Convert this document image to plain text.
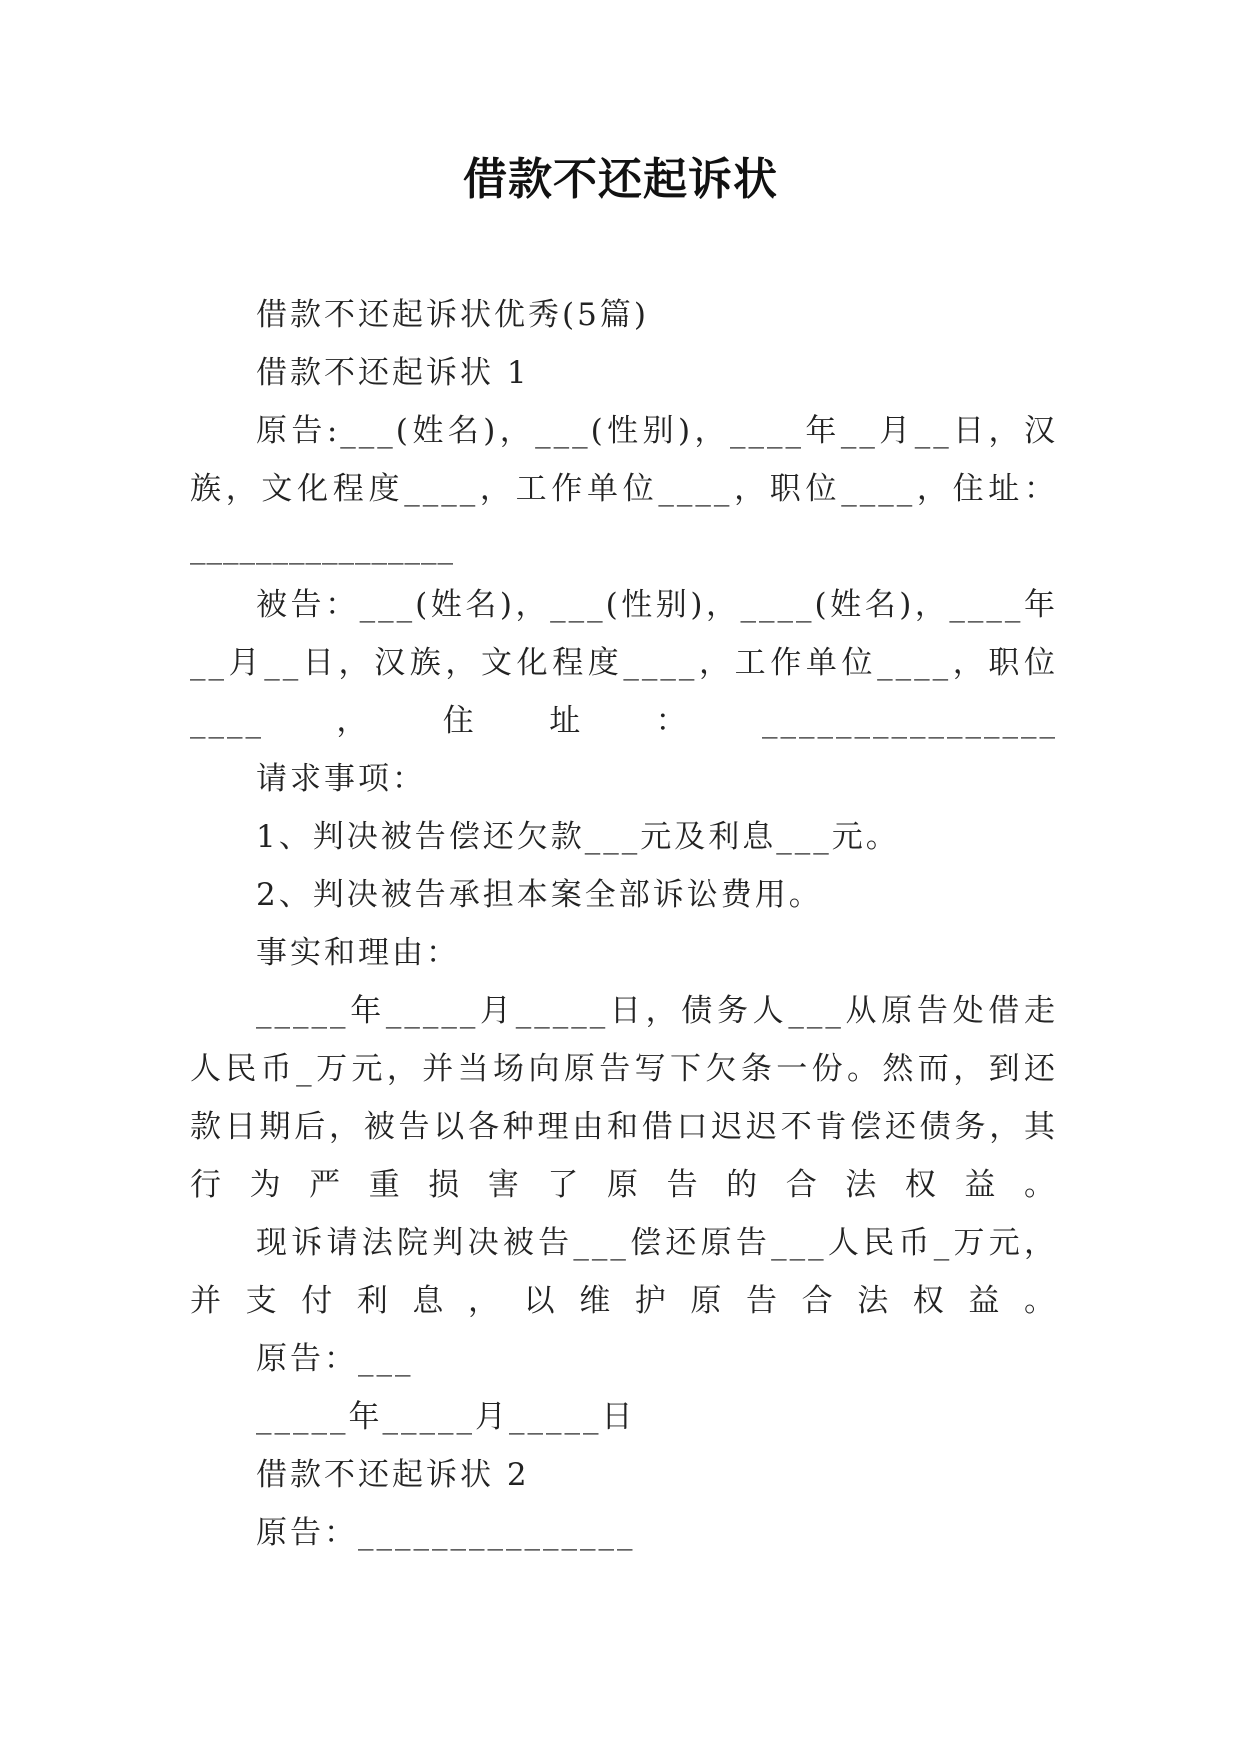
借款不还起诉状

借款不还起诉状优秀(5篇)

借款不还起诉状 1

原告:___(姓名)，___(性别)，____年__月__日，汉族，文化程度____，工作单位____，职位____，住址：

________________

被告：___(姓名)，___(性别)，____(姓名)，____年__月__日，汉族，文化程度____，工作单位____，职位____，住址：________________

请求事项：

1、判决被告偿还欠款___元及利息___元。

2、判决被告承担本案全部诉讼费用。

事实和理由：

_____年_____月_____日，债务人___从原告处借走人民币_万元，并当场向原告写下欠条一份。然而，到还款日期后，被告以各种理由和借口迟迟不肯偿还债务，其行为严重损害了原告的合法权益。

现诉请法院判决被告___偿还原告___人民币_万元，并支付利息，以维护原告合法权益。

原告：___

_____年_____月_____日

借款不还起诉状 2

原告：_______________
